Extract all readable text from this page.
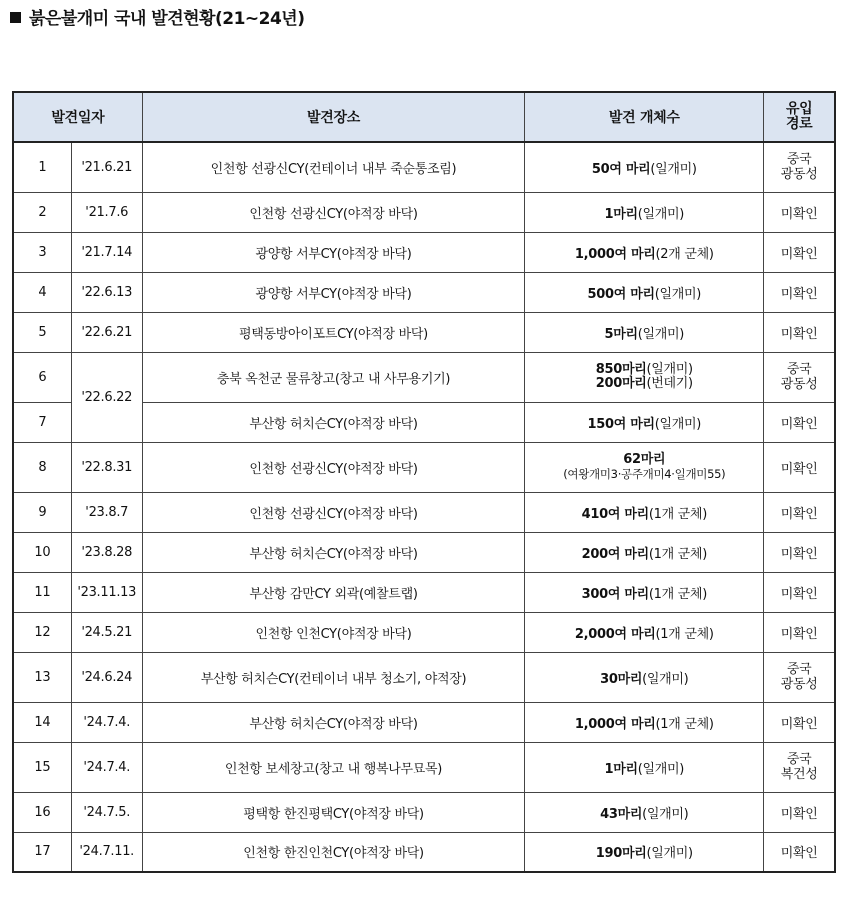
붉은불개미 국내 발견현황(21~24년)
발견일자		발견장소	발견 개체수	유입
경로
1	'21.6.21	인천항 선광신CY(컨테이너 내부 죽순통조림)	50여 마리(일개미)	중국
광동성
2	'21.7.6	인천항 선광신CY(야적장 바닥)	1마리(일개미)	미확인
3	'21.7.14	광양항 서부CY(야적장 바닥)	1,000여 마리(2개 군체)	미확인
4	'22.6.13	광양항 서부CY(야적장 바닥)	500여 마리(일개미)	미확인
5	'22.6.21	평택동방아이포트CY(야적장 바닥)	5마리(일개미)	미확인
6	'22.6.22	충북 옥천군 물류창고(창고 내 사무용기기)	850마리(일개미)
200마리(번데기)	중국
광동성
7		부산항 허치슨CY(야적장 바닥)	150여 마리(일개미)	미확인
8	'22.8.31	인천항 선광신CY(야적장 바닥)	62마리
(여왕개미3·공주개미4·일개미55)	미확인
9	'23.8.7	인천항 선광신CY(야적장 바닥)	410여 마리(1개 군체)	미확인
10	'23.8.28	부산항 허치슨CY(야적장 바닥)	200여 마리(1개 군체)	미확인
11	'23.11.13	부산항 감만CY 외곽(예찰트랩)	300여 마리(1개 군체)	미확인
12	'24.5.21	인천항 인천CY(야적장 바닥)	2,000여 마리(1개 군체)	미확인
13	'24.6.24	부산항 허치슨CY(컨테이너 내부 청소기, 야적장)	30마리(일개미)	중국
광동성
14	'24.7.4.	부산항 허치슨CY(야적장 바닥)	1,000여 마리(1개 군체)	미확인
15	'24.7.4.	인천항 보세창고(창고 내 행복나무묘목)	1마리(일개미)	중국
복건성
16	'24.7.5.	평택항 한진평택CY(야적장 바닥)	43마리(일개미)	미확인
17	'24.7.11.	인천항 한진인천CY(야적장 바닥)	190마리(일개미)	미확인
